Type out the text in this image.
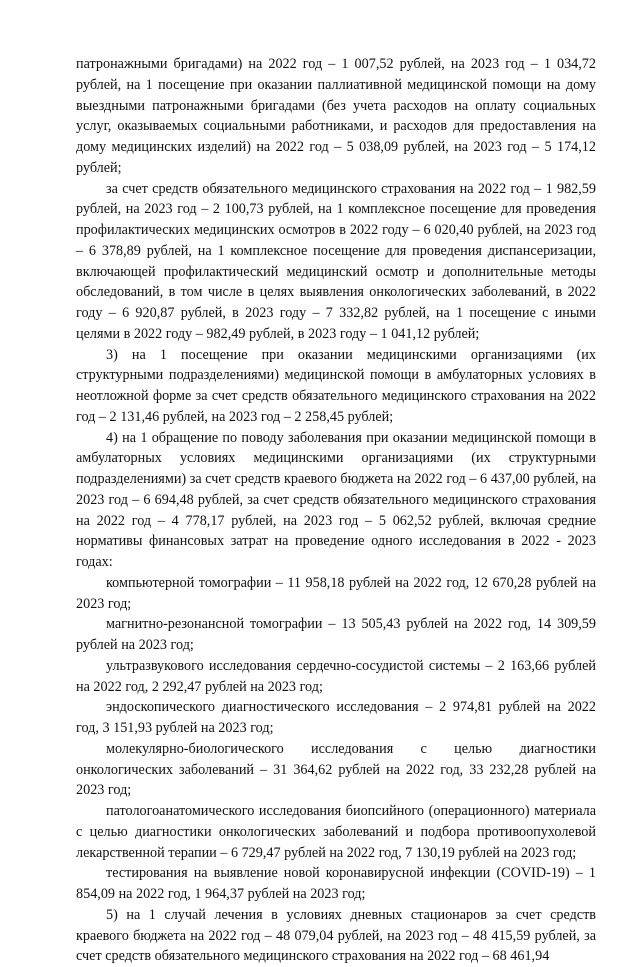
патронажными бригадами) на 2022 год – 1 007,52 рублей, на 2023 год – 1 034,72 рублей, на 1 посещение при оказании паллиативной медицинской помощи на дому выездными патронажными бригадами (без учета расходов на оплату социальных услуг, оказываемых социальными работниками, и расходов для предоставления на дому медицинских изделий) на 2022 год – 5 038,09 рублей, на 2023 год – 5 174,12 рублей;

за счет средств обязательного медицинского страхования на 2022 год – 1 982,59 рублей, на 2023 год – 2 100,73 рублей, на 1 комплексное посещение для проведения профилактических медицинских осмотров в 2022 году – 6 020,40 рублей, на 2023 год – 6 378,89 рублей, на 1 комплексное посещение для проведения диспансеризации, включающей профилактический медицинский осмотр и дополнительные методы обследований, в том числе в целях выявления онкологических заболеваний, в 2022 году – 6 920,87 рублей, в 2023 году – 7 332,82 рублей, на 1 посещение с иными целями в 2022 году – 982,49 рублей, в 2023 году – 1 041,12 рублей;

3) на 1 посещение при оказании медицинскими организациями (их структурными подразделениями) медицинской помощи в амбулаторных условиях в неотложной форме за счет средств обязательного медицинского страхования на 2022 год – 2 131,46 рублей, на 2023 год – 2 258,45 рублей;

4) на 1 обращение по поводу заболевания при оказании медицинской помощи в амбулаторных условиях медицинскими организациями (их структурными подразделениями) за счет средств краевого бюджета на 2022 год – 6 437,00 рублей, на 2023 год – 6 694,48 рублей, за счет средств обязательного медицинского страхования на 2022 год – 4 778,17 рублей, на 2023 год – 5 062,52 рублей, включая средние нормативы финансовых затрат на проведение одного исследования в 2022 - 2023 годах:

компьютерной томографии – 11 958,18 рублей на 2022 год, 12 670,28 рублей на 2023 год;

магнитно-резонансной томографии – 13 505,43 рублей на 2022 год, 14 309,59 рублей на 2023 год;

ультразвукового исследования сердечно-сосудистой системы – 2 163,66 рублей на 2022 год, 2 292,47 рублей на 2023 год;

эндоскопического диагностического исследования – 2 974,81 рублей на 2022 год, 3 151,93 рублей на 2023 год;

молекулярно-биологического исследования с целью диагностики онкологических заболеваний – 31 364,62 рублей на 2022 год, 33 232,28 рублей на 2023 год;

патологоанатомического исследования биопсийного (операционного) материала с целью диагностики онкологических заболеваний и подбора противоопухолевой лекарственной терапии – 6 729,47 рублей на 2022 год, 7 130,19 рублей на 2023 год;

тестирования на выявление новой коронавирусной инфекции (COVID-19) – 1 854,09 на 2022 год, 1 964,37 рублей на 2023 год;

5) на 1 случай лечения в условиях дневных стационаров за счет средств краевого бюджета на 2022 год – 48 079,04 рублей, на 2023 год – 48 415,59 рублей, за счет средств обязательного медицинского страхования на 2022 год – 68 461,94
